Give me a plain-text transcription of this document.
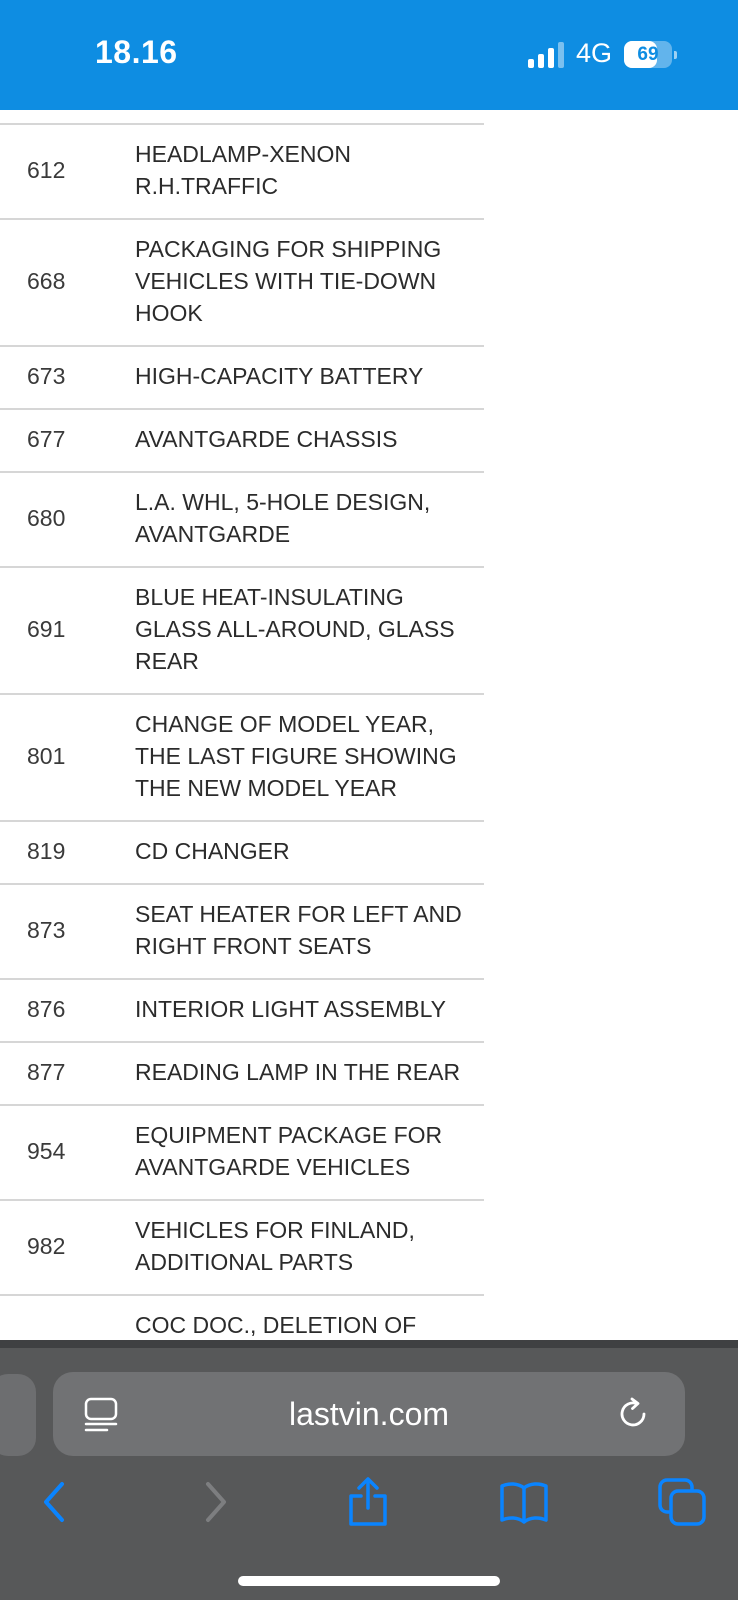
18.16	4G	69
612	HEADLAMP-XENON R.H.TRAFFIC
668	PACKAGING FOR SHIPPING VEHICLES WITH TIE-DOWN HOOK
673	HIGH-CAPACITY BATTERY
677	AVANTGARDE CHASSIS
680	L.A. WHL, 5-HOLE DESIGN, AVANTGARDE
691	BLUE HEAT-INSULATING GLASS ALL-AROUND, GLASS REAR
801	CHANGE OF MODEL YEAR, THE LAST FIGURE SHOWING THE NEW MODEL YEAR
819	CD CHANGER
873	SEAT HEATER FOR LEFT AND RIGHT FRONT SEATS
876	INTERIOR LIGHT ASSEMBLY
877	READING LAMP IN THE REAR
954	EQUIPMENT PACKAGE FOR AVANTGARDE VEHICLES
982	VEHICLES FOR FINLAND, ADDITIONAL PARTS
	COC DOC., DELETION OF
lastvin.com
